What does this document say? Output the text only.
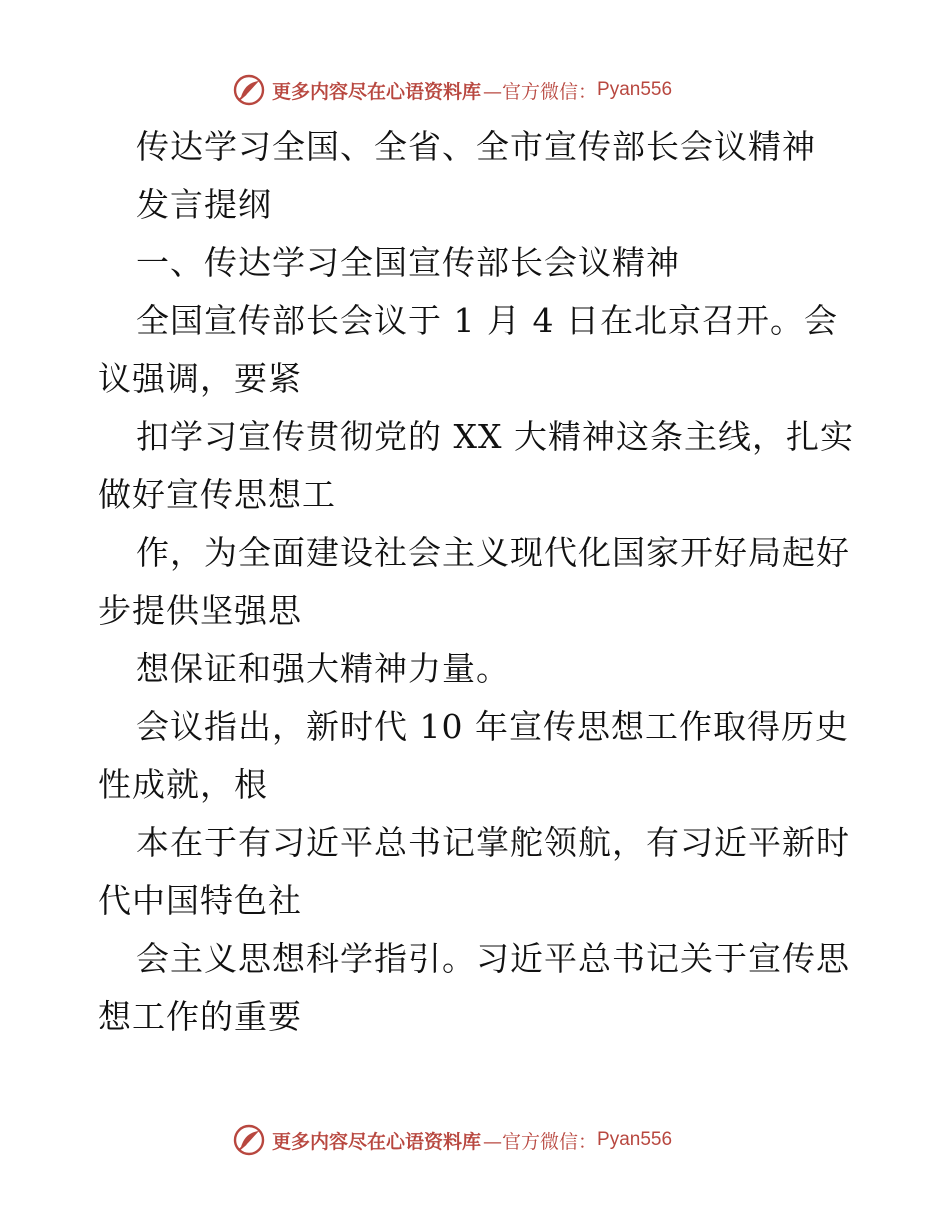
更多内容尽在心语资料库 —官方微信： Pyan556
传达学习全国、全省、全市宣传部长会议精神
发言提纲
一、传达学习全国宣传部长会议精神
全国宣传部长会议于 1 月 4 日在北京召开。会
议强调，要紧
扣学习宣传贯彻党的 XX 大精神这条主线，扎实
做好宣传思想工
作，为全面建设社会主义现代化国家开好局起好
步提供坚强思
想保证和强大精神力量。
会议指出，新时代 10 年宣传思想工作取得历史
性成就，根
本在于有习近平总书记掌舵领航，有习近平新时
代中国特色社
会主义思想科学指引。习近平总书记关于宣传思
想工作的重要
更多内容尽在心语资料库 —官方微信： Pyan556
